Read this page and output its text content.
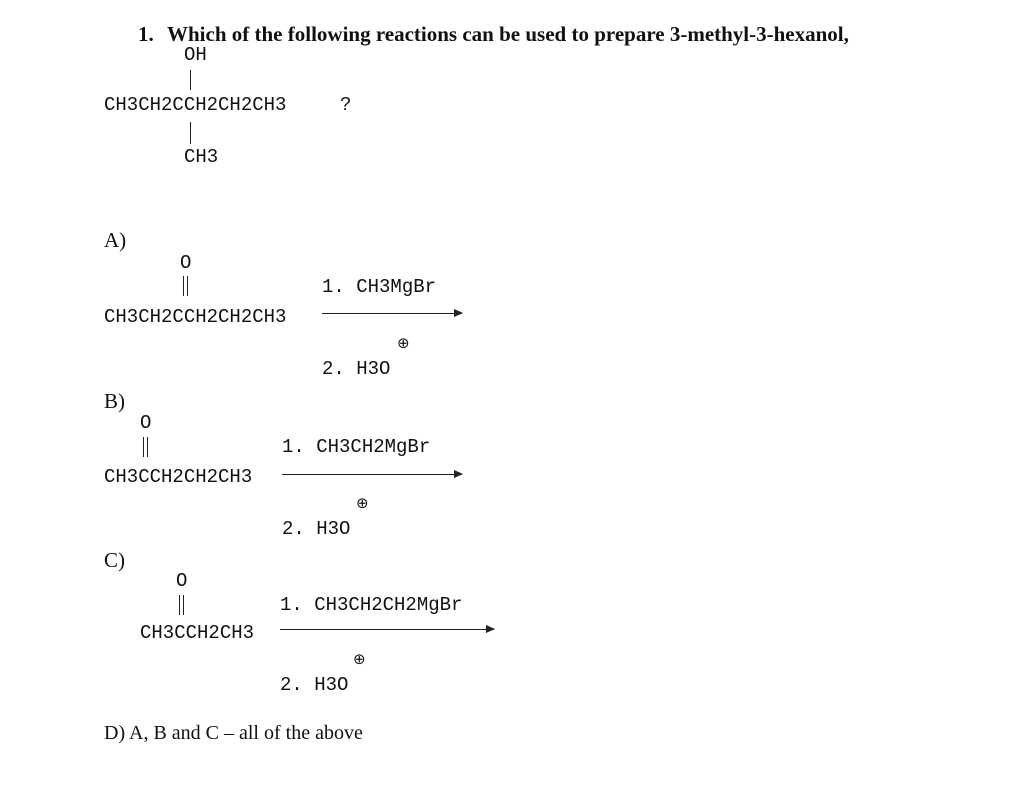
1. Which of the following reactions can be used to prepare 3-methyl-3-hexanol,
OH
CH3CH2CCH2CH2CH3	?
CH3
A)
O
CH3CH2CCH2CH2CH3
1. CH3MgBr
⊕
2. H3O
B)
O
CH3CCH2CH2CH3
1. CH3CH2MgBr
⊕
2. H3O
C)
O
CH3CCH2CH3
1. CH3CH2CH2MgBr
⊕
2. H3O
D) A, B and C – all of the above
